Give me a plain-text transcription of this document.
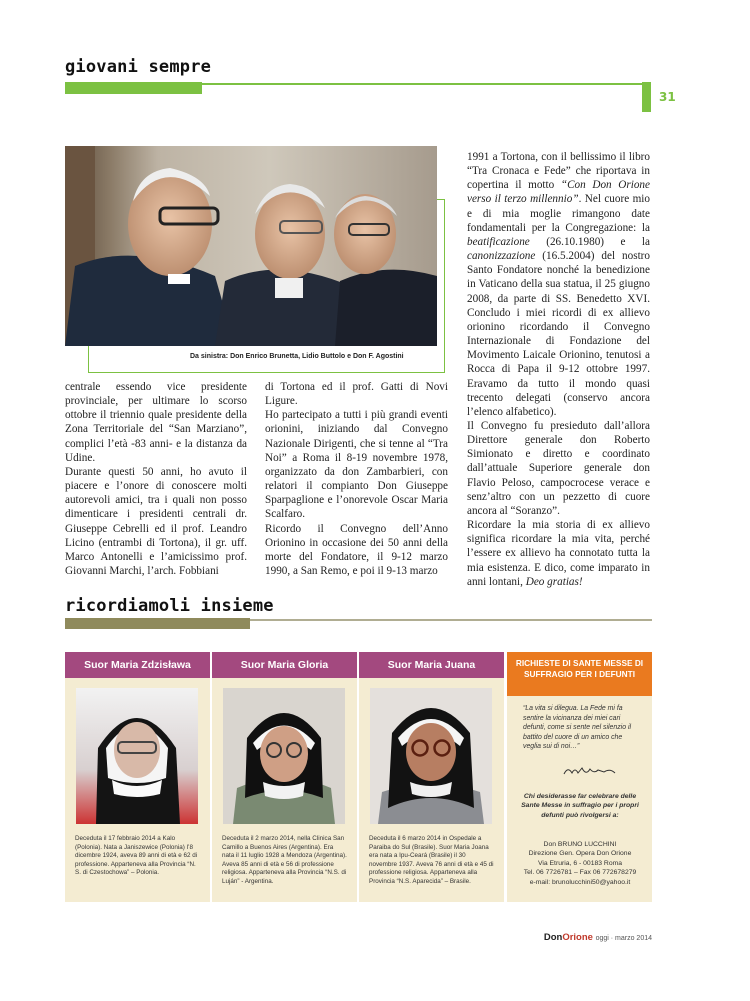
giovani sempre
31
Da sinistra: Don Enrico Brunetta, Lidio Buttolo e Don F. Agostini

centrale essendo vice presidente provinciale, per ultimare lo scorso ottobre il triennio quale presidente della Zona Territoriale del “San Marziano”, complici l’età -83 anni- e la distanza da Udine.

Durante questi 50 anni, ho avuto il piacere e l’onore di conoscere molti autorevoli amici, tra i quali non posso dimenticare i presidenti centrali dr. Giuseppe Cebrelli ed il prof. Leandro Licino (entrambi di Tortona), il gr. uff. Marco Antonelli e l’amicissimo prof. Giovanni Marchi, l’arch. Fobbiani

di Tortona ed il prof. Gatti di Novi Ligure.

Ho partecipato a tutti i più grandi eventi orionini, iniziando dal Convegno Nazionale Dirigenti, che si tenne al “Tra Noi” a Roma il 8-19 novembre 1978, organizzato da don Zambarbieri, con relatori il compianto Don Giuseppe Sparpaglione e l’onorevole Oscar Maria Scalfaro.

Ricordo il Convegno dell’Anno Orionino in occasione dei 50 anni della morte del Fondatore, il 9-12 marzo 1990, a San Remo, e poi il 9-13 marzo

1991 a Tortona, con il bellissimo il libro “Tra Cronaca e Fede” che riportava in copertina il motto “Con Don Orione verso il terzo millennio”. Nel cuore mio e di mia moglie rimangono date fondamentali per la Congregazione: la beatificazione (26.10.1980) e la canonizzazione (16.5.2004) del nostro Santo Fondatore nonché la benedizione in Vaticano della sua statua, il 25 giugno 2008, da parte di SS. Benedetto XVI. Concludo i miei ricordi di ex allievo orionino ricordando il Convegno Internazionale di Fondazione del Movimento Laicale Orionino, tenutosi a Rocca di Papa il 9-12 ottobre 1997. Eravamo da tutto il mondo quasi trecento delegati (conservo ancora l’elenco alfabetico).

Il Convegno fu presieduto dall’allora Direttore generale don Roberto Simionato e diretto e coordinato dall’attuale Superiore generale don Flavio Peloso, campocrocese verace e senz’altro con un pezzetto di cuore ancora al “Soranzo”.

Ricordare la mia storia di ex allievo significa ricordare la mia vita, perché l’essere ex allievo ha connotato tutta la mia esistenza. E dico, come imparato in anni lontani, Deo gratias!

ricordiamoli insieme
Suor Maria Zdzisława
Deceduta il 17 febbraio 2014 a Kalo (Polonia). Nata a Janiszewice (Polonia) l’8 dicembre 1924, aveva 89 anni di età e 62 di professione. Apparteneva alla Provincia “N. S. di Czestochowa” – Polonia.
Suor Maria Gloria
Deceduta il 2 marzo 2014, nella Clinica San Camillo a Buenos Aires (Argentina). Era nata il 11 luglio 1928 a Mendoza (Argentina). Aveva 85 anni di età e 56 di professione religiosa. Apparteneva alla Provincia “N.S. di Luján” - Argentina.
Suor Maria Juana
Deceduta il 6 marzo 2014 in Ospedale a Paraiba do Sul (Brasile). Suor Maria Joana era nata a Ipu-Ceará (Brasile) il 30 novembre 1937. Aveva 76 anni di età e 45 di professione religiosa. Apparteneva alla Provincia “N.S. Aparecida” – Brasile.
RICHIESTE DI SANTE MESSE DI SUFFRAGIO PER I DEFUNTI
“La vita si dilegua. La Fede mi fa sentire la vicinanza dei miei cari defunti, come si sente nel silenzio il battito del cuore di un amico che veglia sui di noi…”
Chi desiderasse far celebrare delle Sante Messe in suffragio per i propri defunti può rivolgersi a:
Don BRUNO LUCCHINI
Direzione Gen. Opera Don Orione
Via Etruria, 6 - 00183 Roma
Tel. 06 7726781 – Fax 06 772678279
e-mail: brunolucchini50@yahoo.it
DonOrione oggi · marzo 2014
